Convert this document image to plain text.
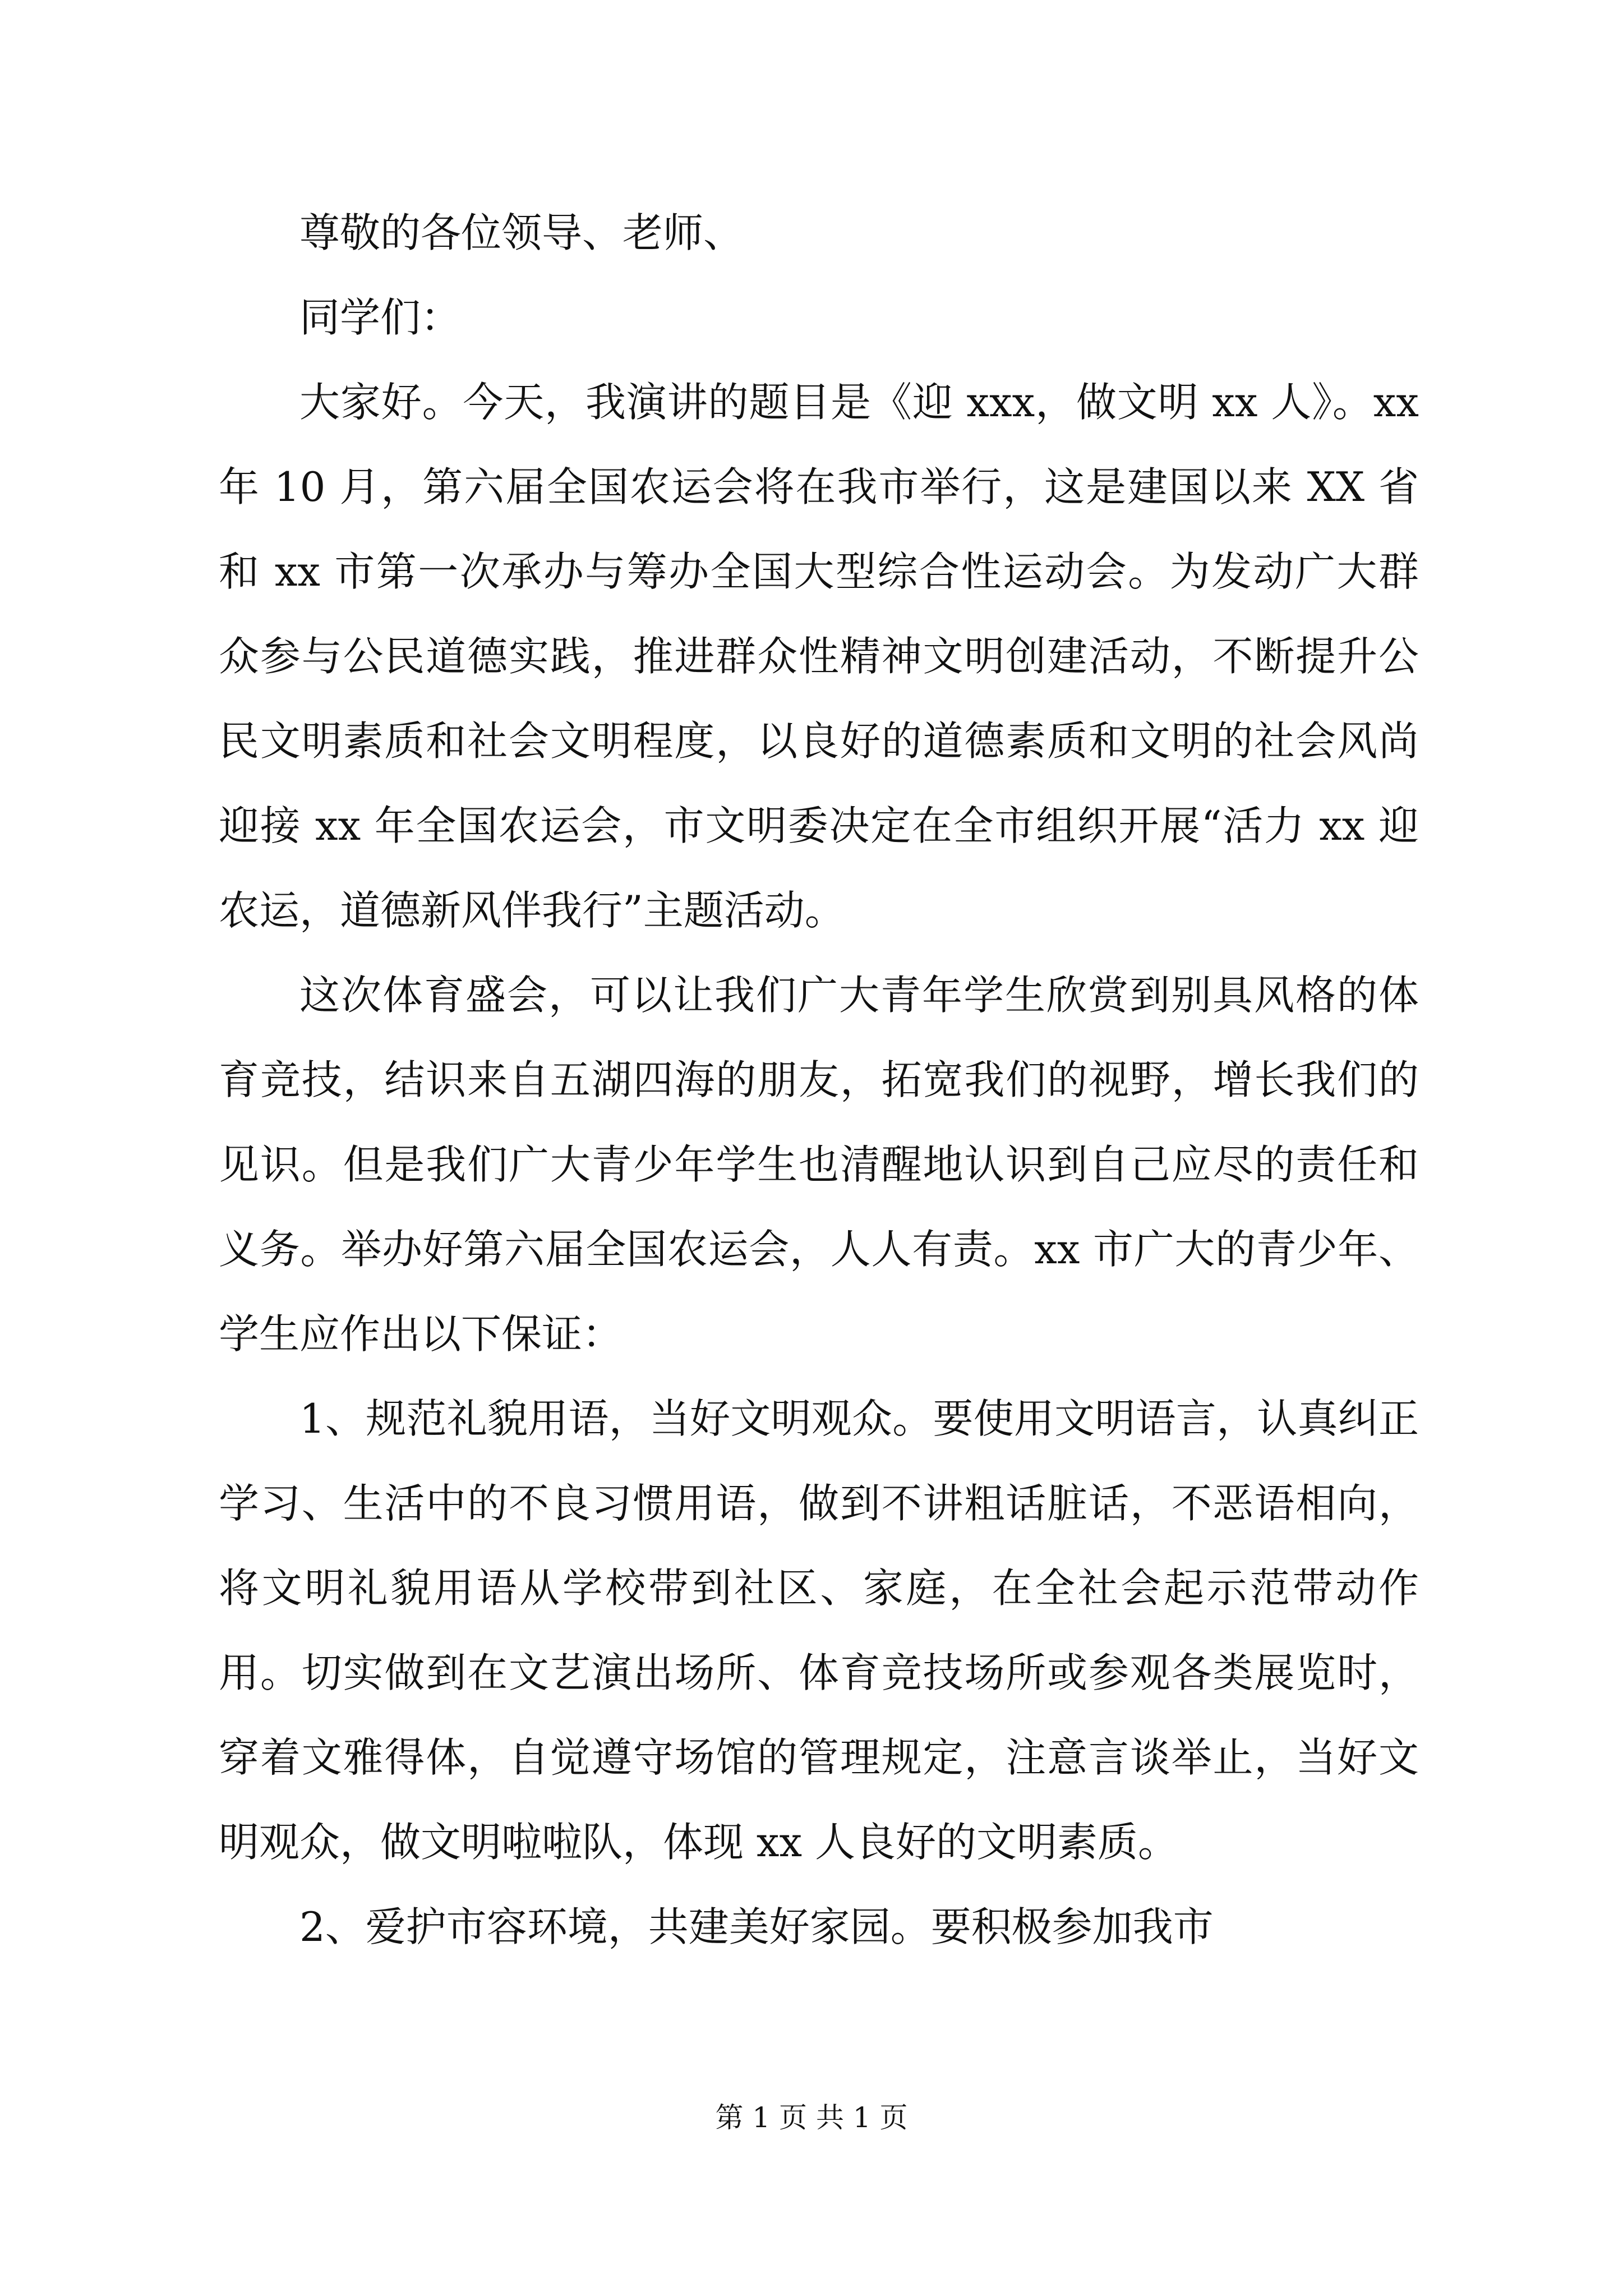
尊敬的各位领导、老师、

同学们：

大家好。今天，我演讲的题目是《迎 xxx，做文明 xx 人》。xx 年 10 月，第六届全国农运会将在我市举行，这是建国以来 XX 省和 xx 市第一次承办与筹办全国大型综合性运动会。为发动广大群众参与公民道德实践，推进群众性精神文明创建活动，不断提升公民文明素质和社会文明程度，以良好的道德素质和文明的社会风尚迎接 xx 年全国农运会，市文明委决定在全市组织开展“活力 xx 迎农运，道德新风伴我行”主题活动。

这次体育盛会，可以让我们广大青年学生欣赏到别具风格的体育竞技，结识来自五湖四海的朋友，拓宽我们的视野，增长我们的见识。但是我们广大青少年学生也清醒地认识到自己应尽的责任和义务。举办好第六届全国农运会，人人有责。xx 市广大的青少年、学生应作出以下保证：

1、规范礼貌用语，当好文明观众。要使用文明语言，认真纠正学习、生活中的不良习惯用语，做到不讲粗话脏话，不恶语相向，将文明礼貌用语从学校带到社区、家庭，在全社会起示范带动作用。切实做到在文艺演出场所、体育竞技场所或参观各类展览时，穿着文雅得体，自觉遵守场馆的管理规定，注意言谈举止，当好文明观众，做文明啦啦队，体现 xx 人良好的文明素质。

2、爱护市容环境，共建美好家园。要积极参加我市

第 1 页 共 1 页
